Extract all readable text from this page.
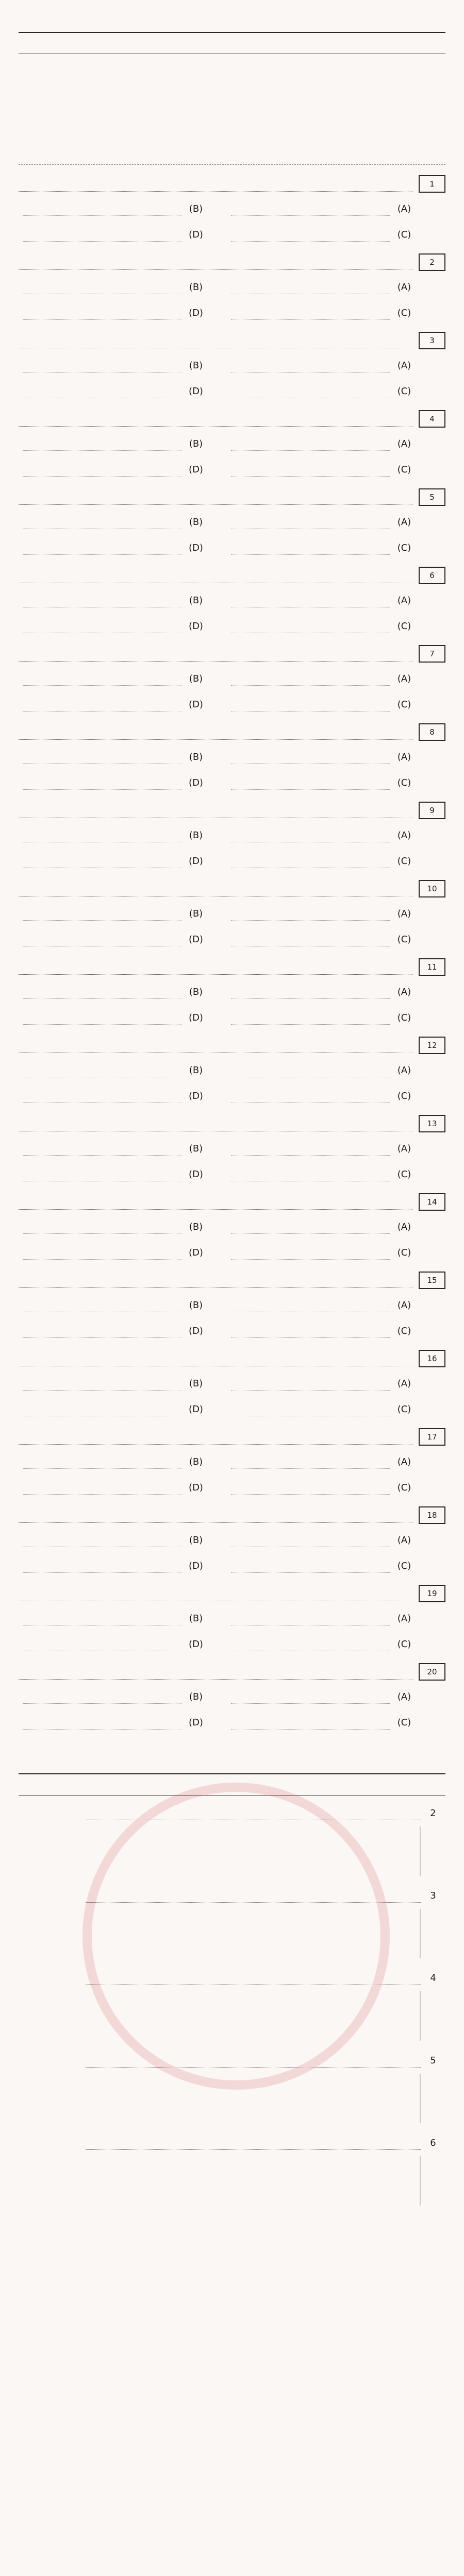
1
(A)
(B)
(C)
(D)
2
(A)
(B)
(C)
(D)
3
(A)
(B)
(C)
(D)
4
(A)
(B)
(C)
(D)
5
(A)
(B)
(C)
(D)
6
(A)
(B)
(C)
(D)
7
(A)
(B)
(C)
(D)
8
(A)
(B)
(C)
(D)
9
(A)
(B)
(C)
(D)
10
(A)
(B)
(C)
(D)
11
(A)
(B)
(C)
(D)
12
(A)
(B)
(C)
(D)
13
(A)
(B)
(C)
(D)
14
(A)
(B)
(C)
(D)
15
(A)
(B)
(C)
(D)
16
(A)
(B)
(C)
(D)
17
(A)
(B)
(C)
(D)
18
(A)
(B)
(C)
(D)
19
(A)
(B)
(C)
(D)
20
(A)
(B)
(C)
(D)
2
3
4
5
6
